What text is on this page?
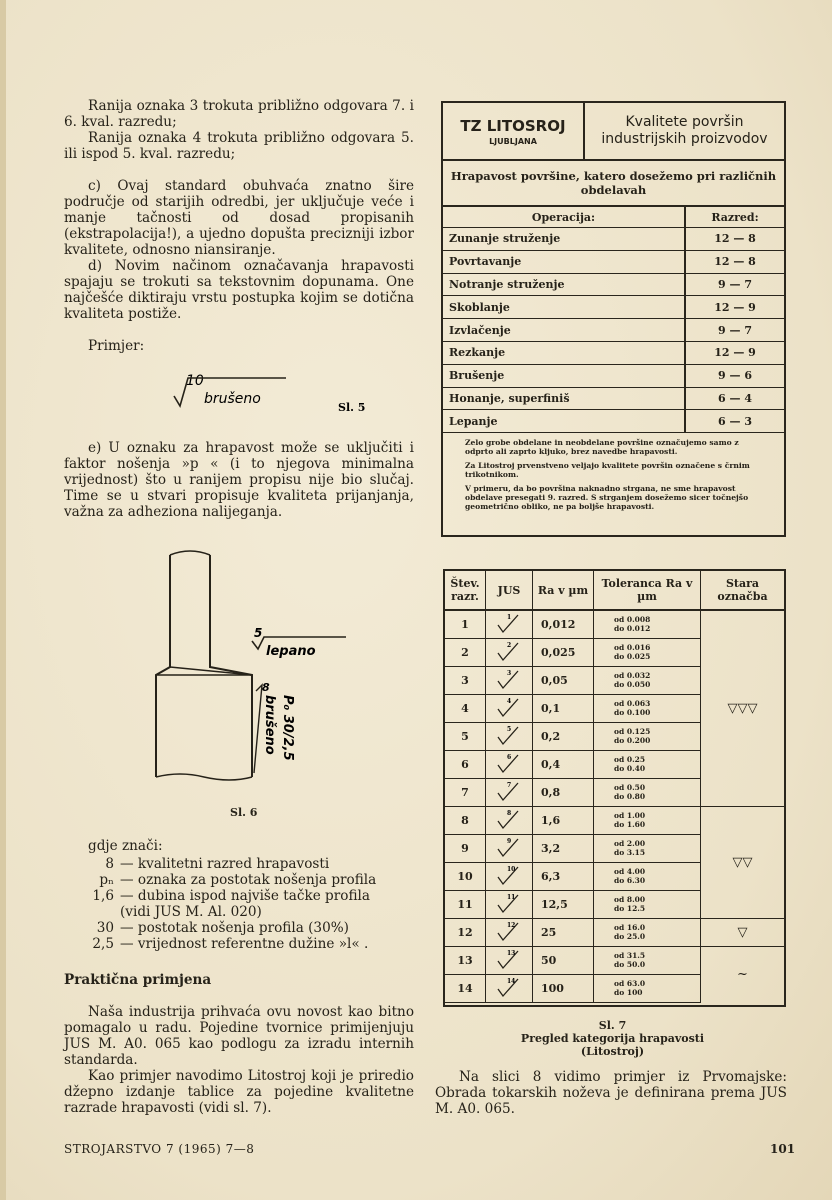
Ranija oznaka 3 trokuta približno odgovara 7. i 6. kval. razredu;

Ranija oznaka 4 trokuta približno odgovara 5. ili ispod 5. kval. razredu;

c) Ovaj standard obuhvaća znatno šire područje od starijih odredbi, jer uključuje veće i manje tačnosti od dosad propisanih (ekstrapolacija!), a ujedno dopušta precizniji izbor kvalitete, odnosno niansiranje.

d) Novim načinom označavanja hrapavosti spajaju se trokuti sa tekstovnim dopunama. One najčešće diktiraju vrstu postupka kojim se dotična kvaliteta postiže.

Primjer:

10
brušeno
Sl. 5

e) U oznaku za hrapavost može se uključiti i faktor nošenja »p « (i to njegova minimalna vrijednost) što u ranijem propisu nije bio slučaj. Time se u stvari propisuje kvaliteta prijanjanja, važna za adheziona nalijeganja.

5
lepano
8
brušeno P₀ 30/2,5
Sl. 6
gdje znači:
8 — kvalitetni razred hrapavosti
pₙ — oznaka za postotak nošenja profila
1,6 — dubina ispod najviše tačke profila
(vidi JUS M. Al. 020)
30 — postotak nošenja profila (30%)
2,5 — vrijednost referentne dužine »l« .
Praktična primjena

Naša industrija prihvaća ovu novost kao bitno pomagalo u radu. Pojedine tvornice primijenjuju JUS M. A0. 065 kao podlogu za izradu internih standarda.

Kao primjer navodimo Litostroj koji je priredio džepno izdanje tablice za pojedine kvalitetne razrade hrapavosti (vidi sl. 7).

TZ LITOSROJ
LJUBLJANA
Kvalitete površin industrijskih proizvodov
Hrapavost površine, katero dosežemo pri različnih obdelavah
Operacija:	Razred:
Zunanje struženje	12 — 8
Povrtavanje	12 — 8
Notranje struženje	9 — 7
Skoblanje	12 — 9
Izvlačenje	9 — 7
Rezkanje	12 — 9
Brušenje	9 — 6
Honanje, superfiniš	6 — 4
Lepanje	6 — 3

Zelo grobe obdelane in neobdelane površine označujemo samo z odprto ali zaprto kljuko, brez navedbe hrapavosti.

Za Litostroj prvenstveno veljajo kvalitete površin označene s črnim trikotnikom.

V primeru, da bo površina naknadno strgana, ne sme hrapavost obdelave presegati 9. razred. S strganjem dosežemo sicer točnejšo geometrično obliko, ne pa boljše hrapavosti.

Štev. razr.	JUS	Ra v µm	Toleranca Ra v µm	Stara označba
1	1	0,012	od 0.008
do 0.012	▽▽▽
2	2	0,025	od 0.016
do 0.025	

3	3	0,05	od 0.032
do 0.050	

4	4	0,1	od 0.063
do 0.100	

5	5	0,2	od 0.125
do 0.200	

6	6	0,4	od 0.25
do 0.40	

7	7	0,8	od 0.50
do 0.80	

8	8	1,6	od 1.00
do 1.60	▽▽
9	9	3,2	od 2.00
do 3.15	

10	10	6,3	od 4.00
do 6.30	

11	11	12,5	od 8.00
do 12.5	

12	12	25	od 16.0
do 25.0	▽
13	13	50	od 31.5
do 50.0	~
14	14	100	od 63.0
do 100	
Sl. 7
Pregled kategorija hrapavosti
(Litostroj)

Na slici 8 vidimo primjer iz Prvomajske: Obrada tokarskih noževa je definirana prema JUS M. A0. 065.

STROJARSTVO 7 (1965) 7—8	101
